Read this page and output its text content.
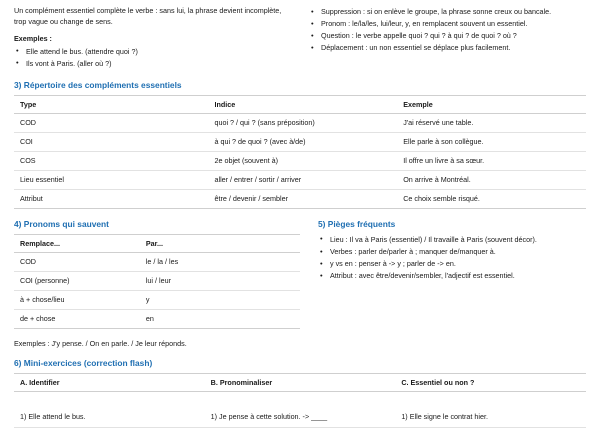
Un complément essentiel complète le verbe : sans lui, la phrase devient incomplète, trop vague ou change de sens.

Exemples :

• Elle attend le bus. (attendre quoi ?)
• Ils vont à Paris. (aller où ?)
• Suppression : si on enlève le groupe, la phrase sonne creux ou bancale.
• Pronom : le/la/les, lui/leur, y, en remplacent souvent un essentiel.
• Question : le verbe appelle quoi ? qui ? à qui ? de quoi ? où ?
• Déplacement : un non essentiel se déplace plus facilement.
3) Répertoire des compléments essentiels
Type	Indice	Exemple
COD	quoi ? / qui ? (sans préposition)	J'ai réservé une table.
COI	à qui ? de quoi ? (avec à/de)	Elle parle à son collègue.
COS	2e objet (souvent à)	Il offre un livre à sa sœur.
Lieu essentiel	aller / entrer / sortir / arriver	On arrive à Montréal.
Attribut	être / devenir / sembler	Ce choix semble risqué.
4) Pronoms qui sauvent
Remplace...	Par...
COD	le / la / les
COI (personne)	lui / leur
à + chose/lieu	y
de + chose	en
5) Pièges fréquents
• Lieu : Il va à Paris (essentiel) / Il travaille à Paris (souvent décor).
• Verbes : parler de/parler à ; manquer de/manquer à.
• y vs en : penser à -> y ; parler de -> en.
• Attribut : avec être/devenir/sembler, l'adjectif est essentiel.
Exemples : J'y pense. / On en parle. / Je leur réponds.
6) Mini-exercices (correction flash)
A. Identifier	B. Pronominaliser	C. Essentiel ou non ?

1) Elle attend le bus.	1) Je pense à cette solution. -> ____	1) Elle signe le contrat hier.
